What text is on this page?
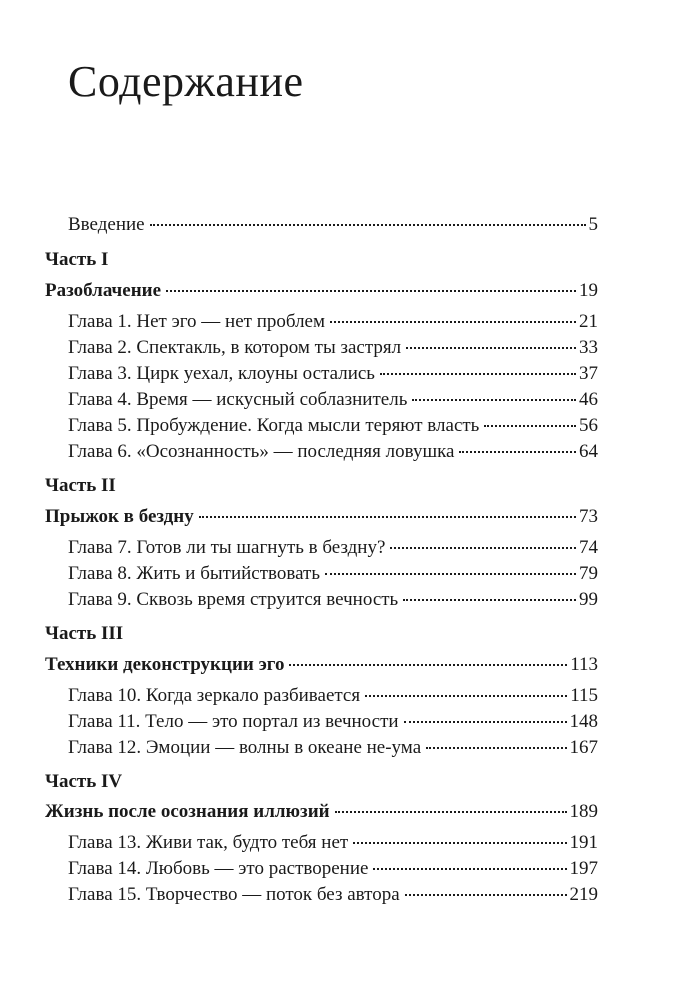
Содержание
Введение	5
Часть I
Разоблачение	19
Глава 1. Нет эго — нет проблем	21
Глава 2. Спектакль, в котором ты застрял	33
Глава 3. Цирк уехал, клоуны остались	37
Глава 4. Время — искусный соблазнитель	46
Глава 5. Пробуждение. Когда мысли теряют власть	56
Глава 6. «Осознанность» — последняя ловушка	64
Часть II
Прыжок в бездну	73
Глава 7. Готов ли ты шагнуть в бездну?	74
Глава 8. Жить и бытийствовать	79
Глава 9. Сквозь время струится вечность	99
Часть III
Техники деконструкции эго	113
Глава 10. Когда зеркало разбивается	115
Глава 11. Тело — это портал из вечности	148
Глава 12. Эмоции — волны в океане не-ума	167
Часть IV
Жизнь после осознания иллюзий	189
Глава 13. Живи так, будто тебя нет	191
Глава 14. Любовь — это растворение	197
Глава 15. Творчество — поток без автора	219
